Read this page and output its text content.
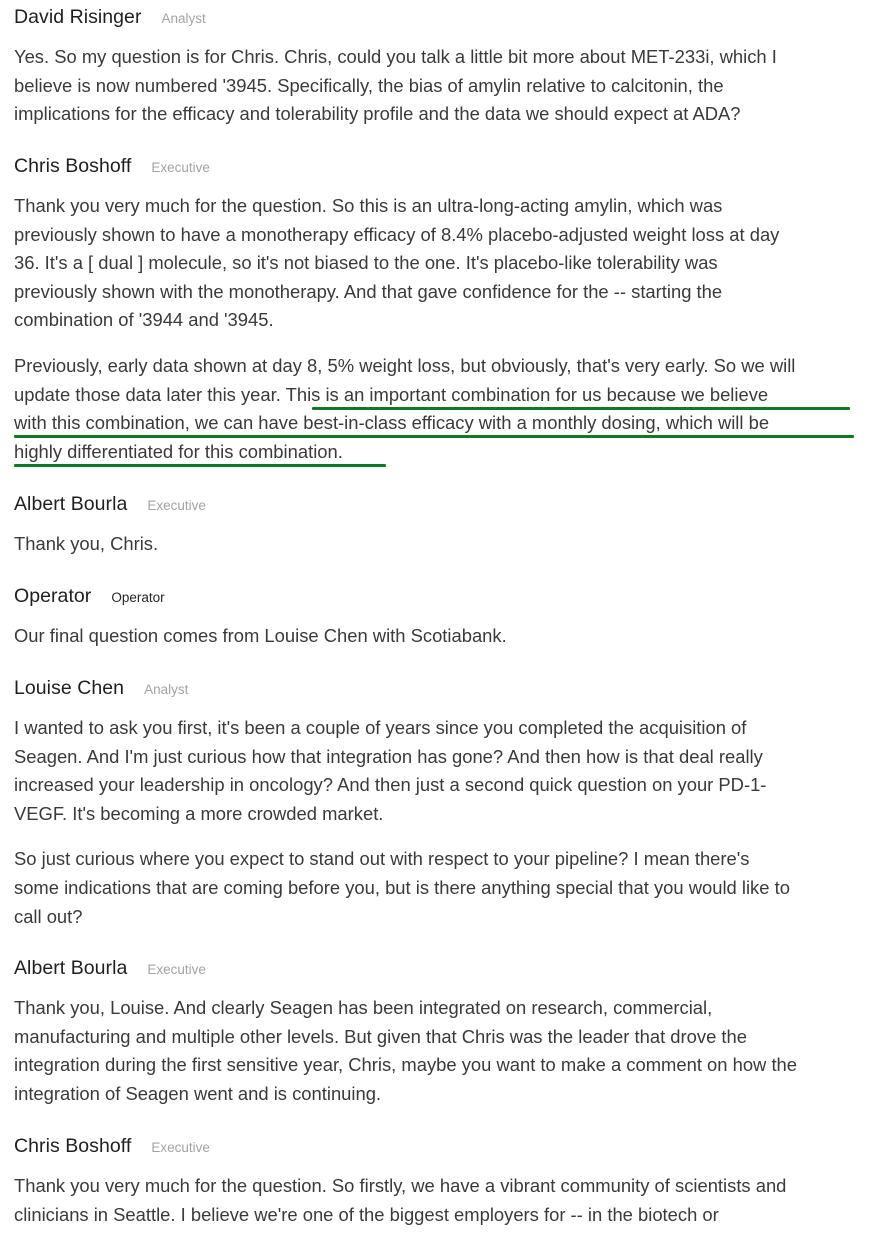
David Risinger Analyst

Yes. So my question is for Chris. Chris, could you talk a little bit more about MET-233i, which I
believe is now numbered '3945. Specifically, the bias of amylin relative to calcitonin, the
implications for the efficacy and tolerability profile and the data we should expect at ADA?

Chris Boshoff Executive

Thank you very much for the question. So this is an ultra-long-acting amylin, which was
previously shown to have a monotherapy efficacy of 8.4% placebo-adjusted weight loss at day
36. It's a [ dual ] molecule, so it's not biased to the one. It's placebo-like tolerability was
previously shown with the monotherapy. And that gave confidence for the -- starting the
combination of '3944 and '3945.

Previously, early data shown at day 8, 5% weight loss, but obviously, that's very early. So we will
update those data later this year. This is an important combination for us because we believe
with this combination, we can have best-in-class efficacy with a monthly dosing, which will be
highly differentiated for this combination.

Albert Bourla Executive

Thank you, Chris.

Operator Operator

Our final question comes from Louise Chen with Scotiabank.

Louise Chen Analyst

I wanted to ask you first, it's been a couple of years since you completed the acquisition of
Seagen. And I'm just curious how that integration has gone? And then how is that deal really
increased your leadership in oncology? And then just a second quick question on your PD-1-
VEGF. It's becoming a more crowded market.

So just curious where you expect to stand out with respect to your pipeline? I mean there's
some indications that are coming before you, but is there anything special that you would like to
call out?

Albert Bourla Executive

Thank you, Louise. And clearly Seagen has been integrated on research, commercial,
manufacturing and multiple other levels. But given that Chris was the leader that drove the
integration during the first sensitive year, Chris, maybe you want to make a comment on how the
integration of Seagen went and is continuing.

Chris Boshoff Executive

Thank you very much for the question. So firstly, we have a vibrant community of scientists and
clinicians in Seattle. I believe we're one of the biggest employers for -- in the biotech or
